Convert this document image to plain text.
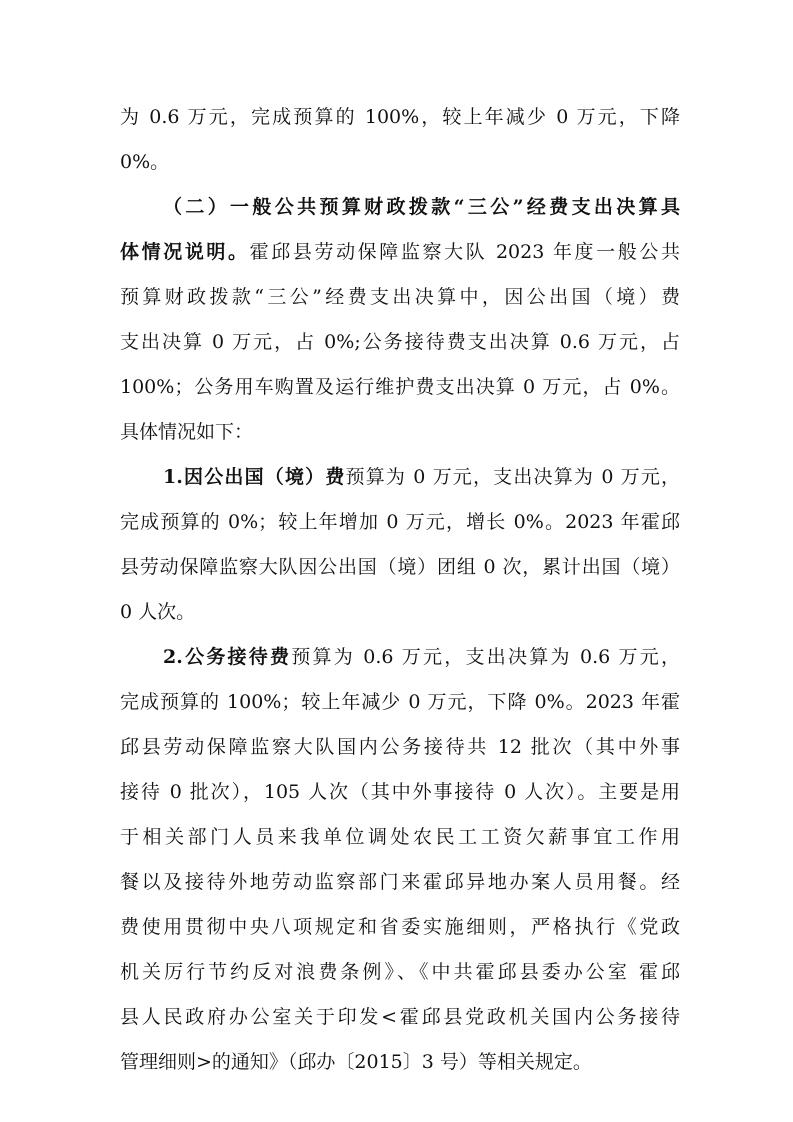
为 0.6 万元，完成预算的 100%，较上年减少 0 万元，下降
0%。
（二）一般公共预算财政拨款“三公”经费支出决算具
体情况说明。霍邱县劳动保障监察大队 2023 年度一般公共
预算财政拨款“三公”经费支出决算中，因公出国（境）费
支出决算 0 万元，占 0%;公务接待费支出决算 0.6 万元，占
100%；公务用车购置及运行维护费支出决算 0 万元，占 0%。
具体情况如下：
1.因公出国（境）费预算为 0 万元，支出决算为 0 万元，
完成预算的 0%；较上年增加 0 万元，增长 0%。2023 年霍邱
县劳动保障监察大队因公出国（境）团组 0 次，累计出国（境）
0 人次。
2.公务接待费预算为 0.6 万元，支出决算为 0.6 万元，
完成预算的 100%；较上年减少 0 万元，下降 0%。2023 年霍
邱县劳动保障监察大队国内公务接待共 12 批次（其中外事
接待 0 批次），105 人次（其中外事接待 0 人次）。主要是用
于相关部门人员来我单位调处农民工工资欠薪事宜工作用
餐以及接待外地劳动监察部门来霍邱异地办案人员用餐。经
费使用贯彻中央八项规定和省委实施细则，严格执行《党政
机关厉行节约反对浪费条例》、《中共霍邱县委办公室 霍邱
县人民政府办公室关于印发<霍邱县党政机关国内公务接待
管理细则>的通知》（邱办〔2015〕3 号）等相关规定。
